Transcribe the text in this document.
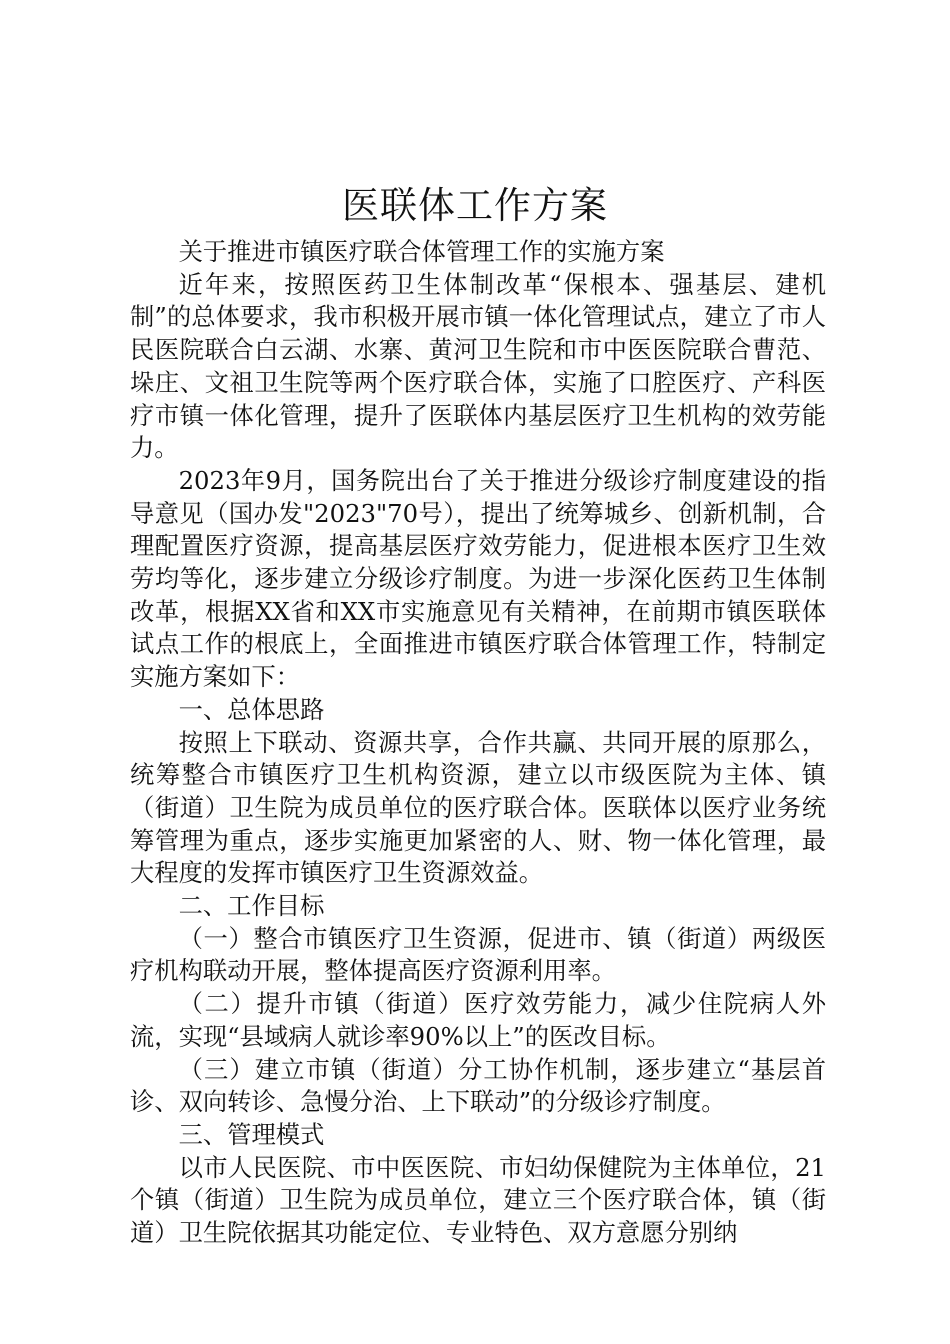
医联体工作方案

关于推进市镇医疗联合体管理工作的实施方案

近年来，按照医药卫生体制改革“保根本、强基层、建机制”的总体要求，我市积极开展市镇一体化管理试点，建立了市人民医院联合白云湖、水寨、黄河卫生院和市中医医院联合曹范、垛庄、文祖卫生院等两个医疗联合体，实施了口腔医疗、产科医疗市镇一体化管理，提升了医联体内基层医疗卫生机构的效劳能力。

2023年9月，国务院出台了关于推进分级诊疗制度建设的指导意见（国办发"2023"70号），提出了统筹城乡、创新机制，合理配置医疗资源，提高基层医疗效劳能力，促进根本医疗卫生效劳均等化，逐步建立分级诊疗制度。为进一步深化医药卫生体制改革，根据XX省和XX市实施意见有关精神，在前期市镇医联体试点工作的根底上，全面推进市镇医疗联合体管理工作，特制定实施方案如下：

一、总体思路

按照上下联动、资源共享，合作共赢、共同开展的原那么，统筹整合市镇医疗卫生机构资源，建立以市级医院为主体、镇（街道）卫生院为成员单位的医疗联合体。医联体以医疗业务统筹管理为重点，逐步实施更加紧密的人、财、物一体化管理，最大程度的发挥市镇医疗卫生资源效益。

二、工作目标

（一）整合市镇医疗卫生资源，促进市、镇（街道）两级医疗机构联动开展，整体提高医疗资源利用率。

（二）提升市镇（街道）医疗效劳能力，减少住院病人外流，实现“县域病人就诊率90%以上”的医改目标。

（三）建立市镇（街道）分工协作机制，逐步建立“基层首诊、双向转诊、急慢分治、上下联动”的分级诊疗制度。

三、管理模式

以市人民医院、市中医医院、市妇幼保健院为主体单位，21个镇（街道）卫生院为成员单位，建立三个医疗联合体，镇（街道）卫生院依据其功能定位、专业特色、双方意愿分别纳
